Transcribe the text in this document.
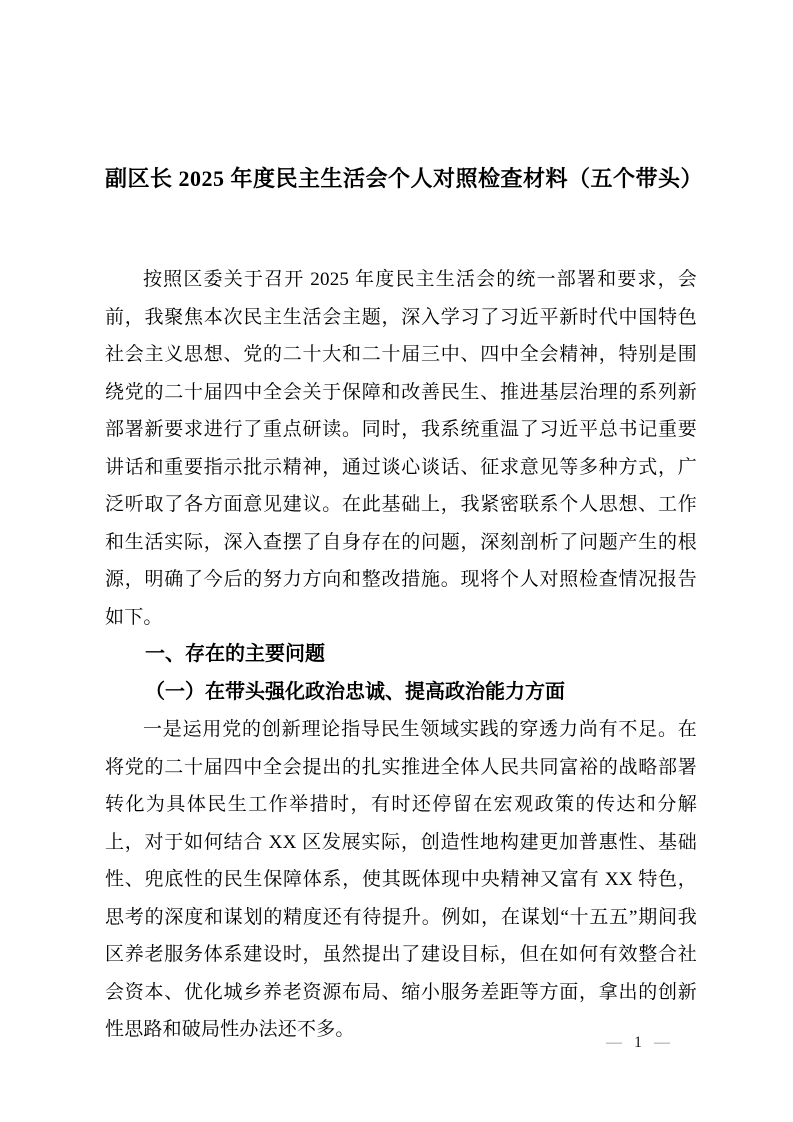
副区长 2025 年度民主生活会个人对照检查材料（五个带头）

按照区委关于召开 2025 年度民主生活会的统一部署和要求，会前，我聚焦本次民主生活会主题，深入学习了习近平新时代中国特色社会主义思想、党的二十大和二十届三中、四中全会精神，特别是围绕党的二十届四中全会关于保障和改善民生、推进基层治理的系列新部署新要求进行了重点研读。同时，我系统重温了习近平总书记重要讲话和重要指示批示精神，通过谈心谈话、征求意见等多种方式，广泛听取了各方面意见建议。在此基础上，我紧密联系个人思想、工作和生活实际，深入查摆了自身存在的问题，深刻剖析了问题产生的根源，明确了今后的努力方向和整改措施。现将个人对照检查情况报告如下。

一、存在的主要问题
（一）在带头强化政治忠诚、提高政治能力方面

一是运用党的创新理论指导民生领域实践的穿透力尚有不足。在将党的二十届四中全会提出的扎实推进全体人民共同富裕的战略部署转化为具体民生工作举措时，有时还停留在宏观政策的传达和分解上，对于如何结合 XX 区发展实际，创造性地构建更加普惠性、基础性、兜底性的民生保障体系，使其既体现中央精神又富有 XX 特色，思考的深度和谋划的精度还有待提升。例如，在谋划“十五五”期间我区养老服务体系建设时，虽然提出了建设目标，但在如何有效整合社会资本、优化城乡养老资源布局、缩小服务差距等方面，拿出的创新性思路和破局性办法还不多。

— 1 —
